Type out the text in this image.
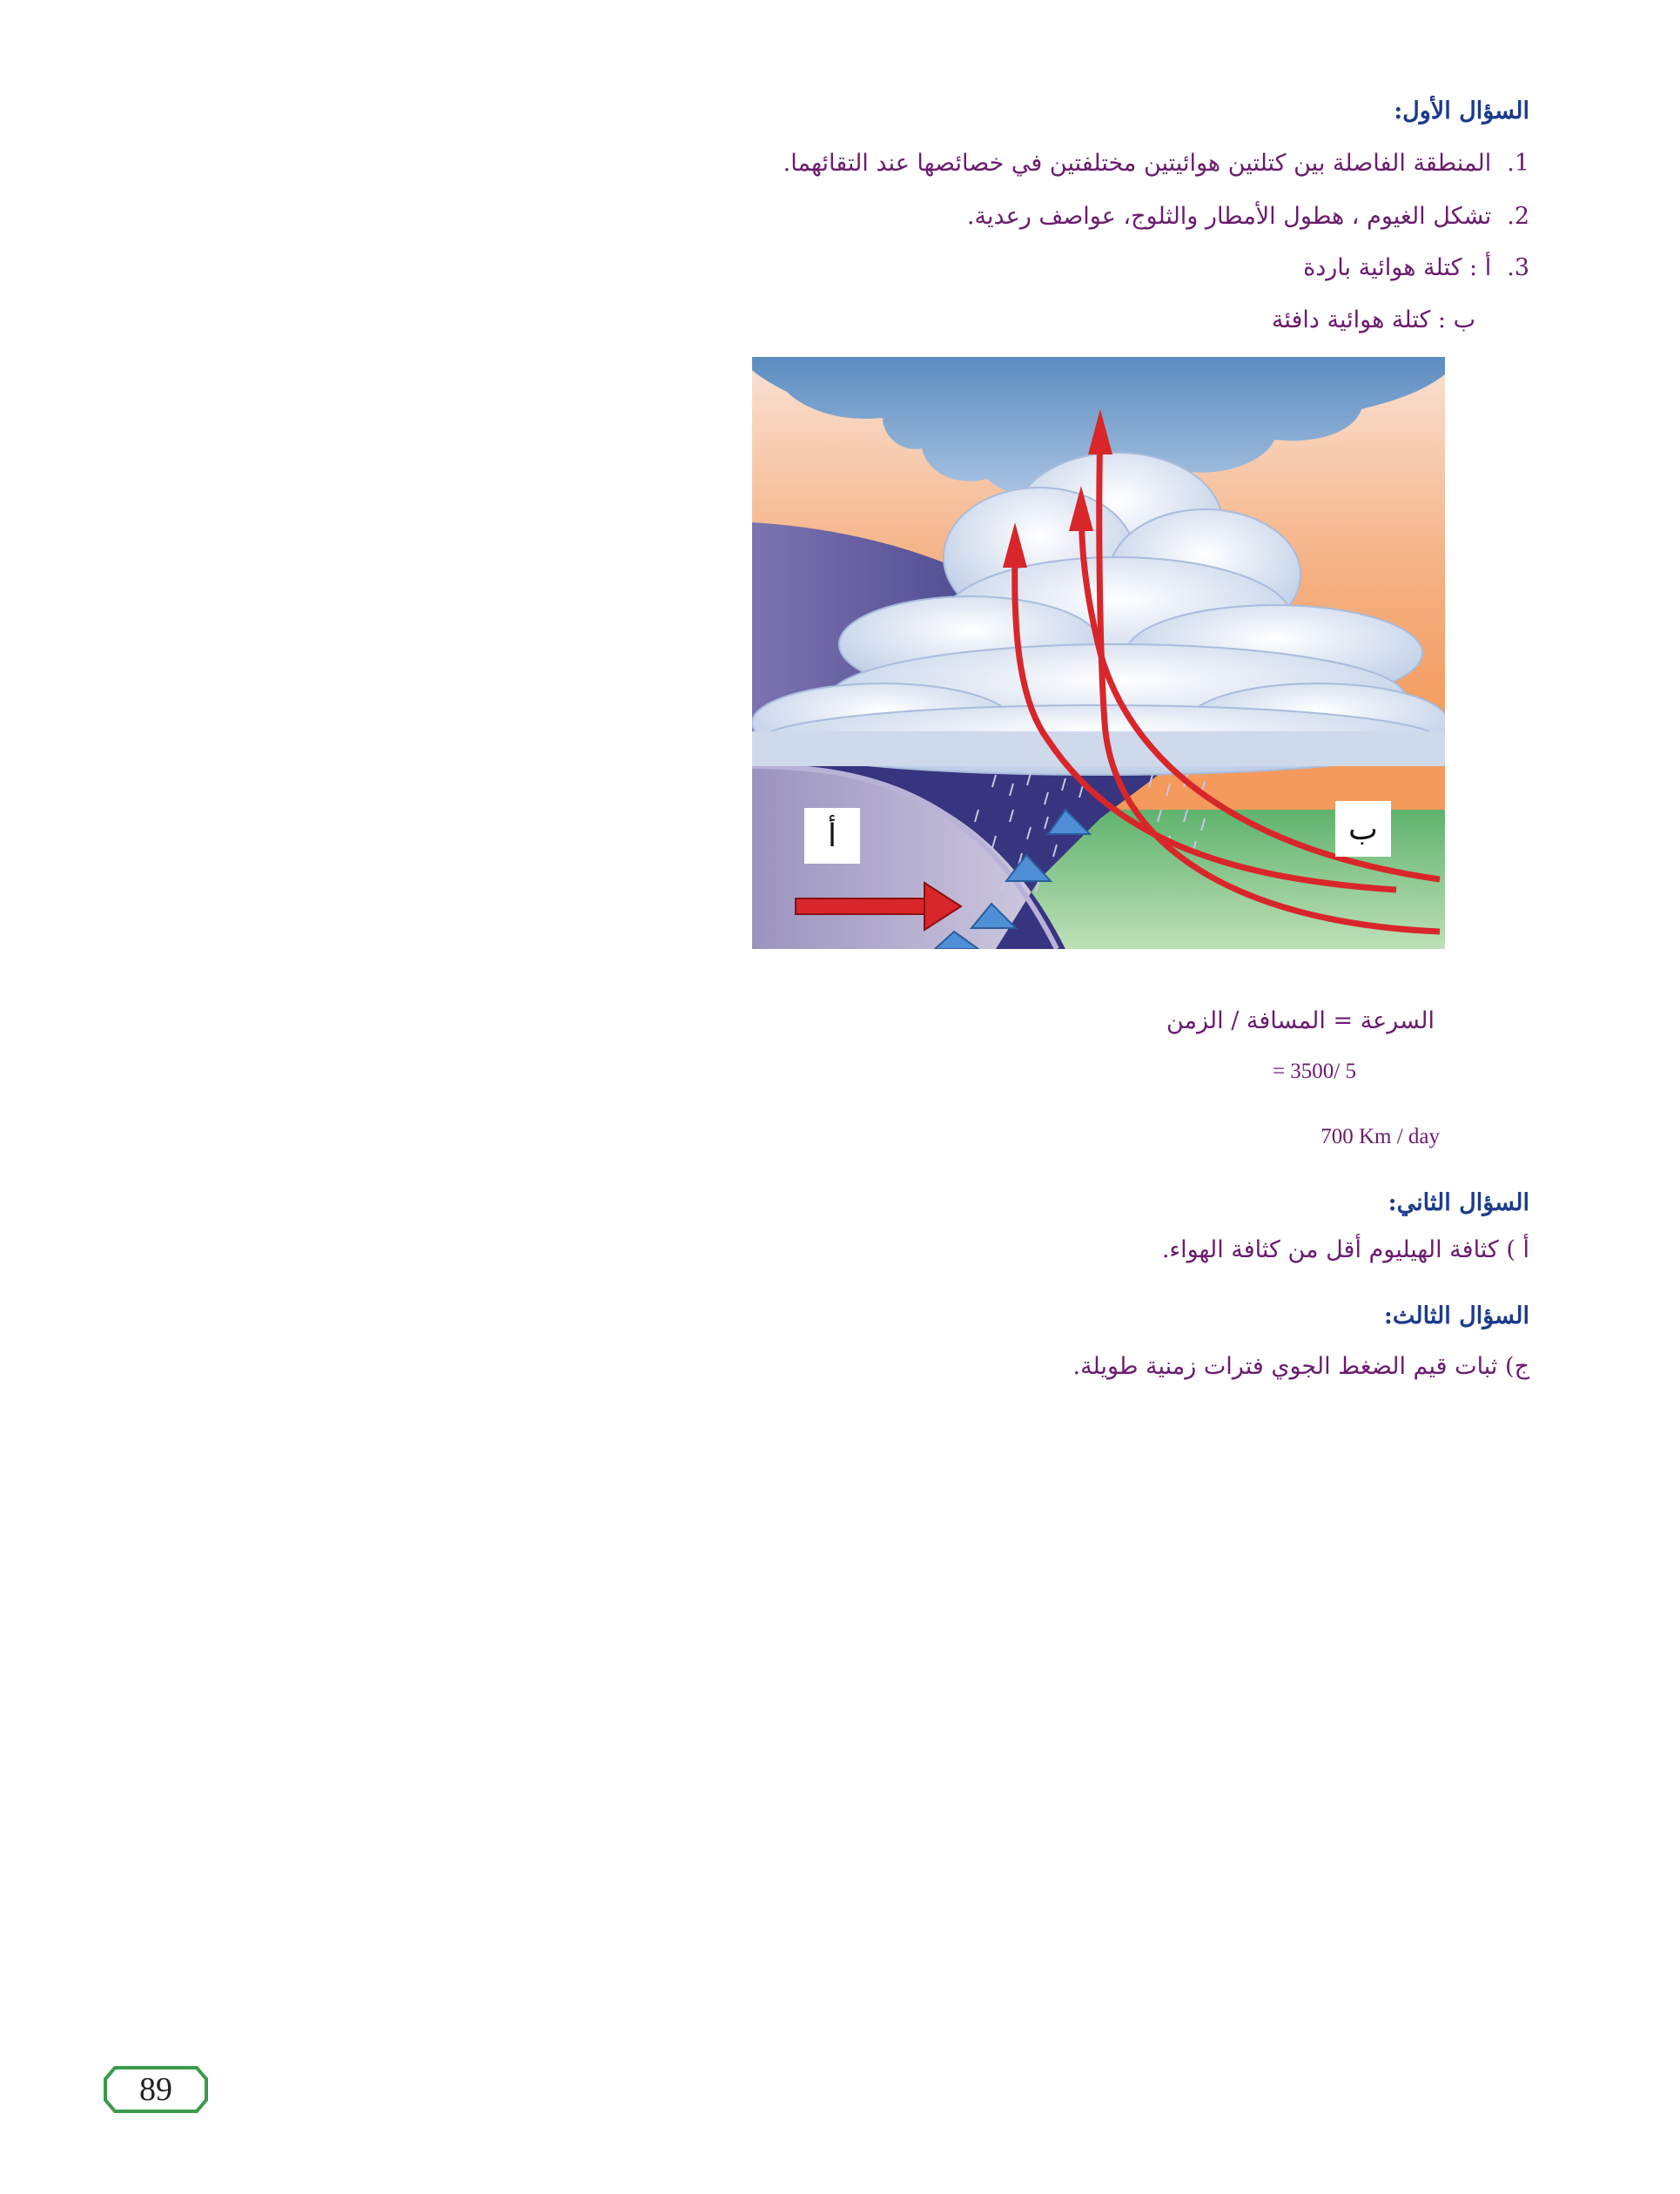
السؤال الأول:
1.المنطقة الفاصلة بين كتلتين هوائيتين مختلفتين في خصائصها عند التقائهما.
2.تشكل الغيوم ، هطول الأمطار والثلوج، عواصف رعدية.
3.أ : كتلة هوائية باردة
ب : كتلة هوائية دافئة
أ	ب
السرعة = المسافة / الزمن
= 3500/ 5
700 Km / day
السؤال الثاني:
أ ) كثافة الهيليوم أقل من كثافة الهواء.
السؤال الثالث:
ج) ثبات قيم الضغط الجوي فترات زمنية طويلة.
89
